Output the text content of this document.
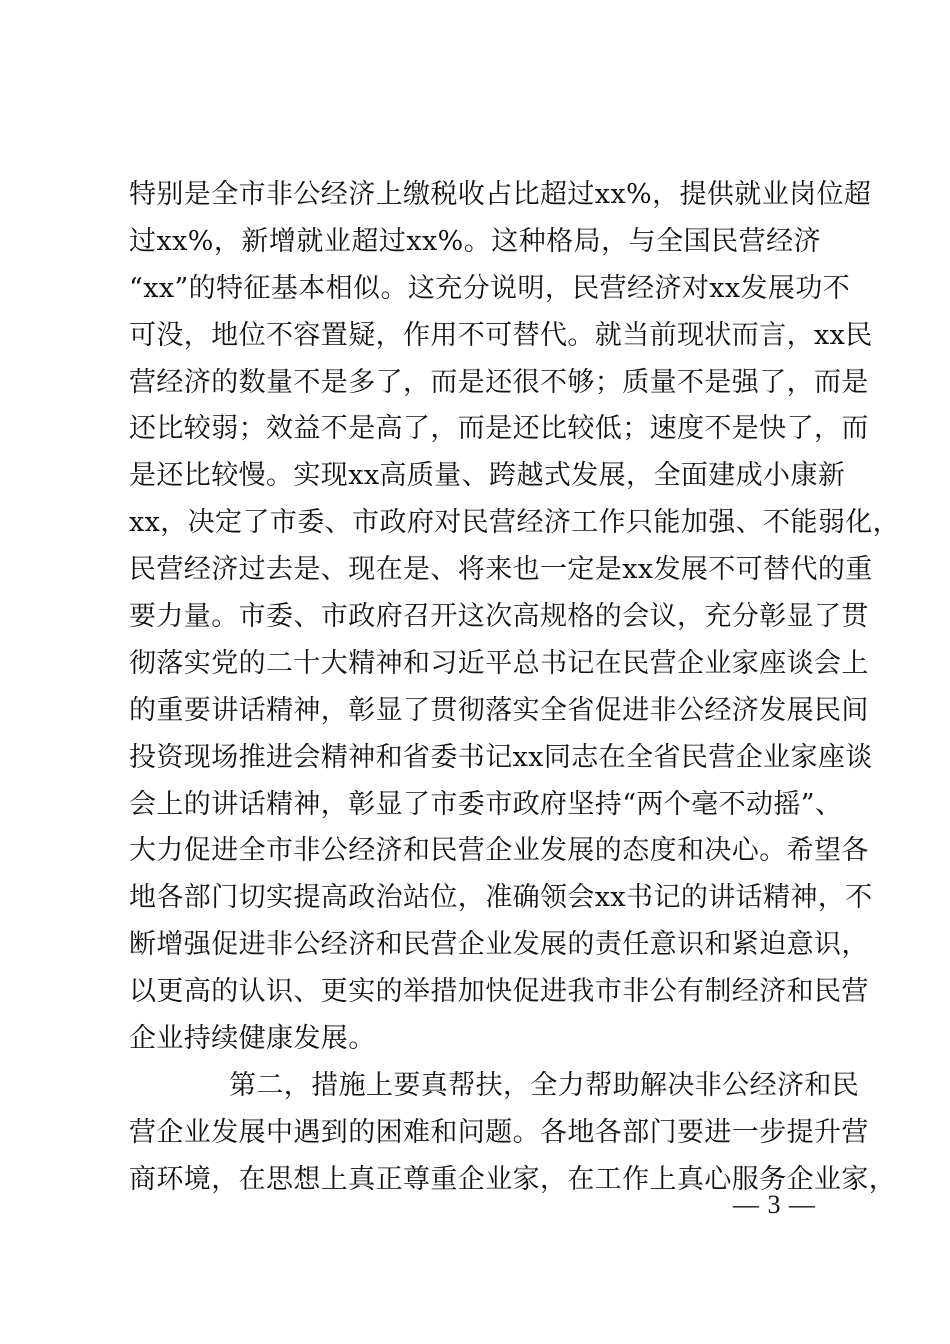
特别是全市非公经济上缴税收占比超过xx%，提供就业岗位超
过xx%，新增就业超过xx%。这种格局，与全国民营经济
“xx”的特征基本相似。这充分说明，民营经济对xx发展功不
可没，地位不容置疑，作用不可替代。就当前现状而言，xx民
营经济的数量不是多了，而是还很不够；质量不是强了，而是
还比较弱；效益不是高了，而是还比较低；速度不是快了，而
是还比较慢。实现xx高质量、跨越式发展，全面建成小康新
xx，决定了市委、市政府对民营经济工作只能加强、不能弱化，
民营经济过去是、现在是、将来也一定是xx发展不可替代的重
要力量。市委、市政府召开这次高规格的会议，充分彰显了贯
彻落实党的二十大精神和习近平总书记在民营企业家座谈会上
的重要讲话精神，彰显了贯彻落实全省促进非公经济发展民间
投资现场推进会精神和省委书记xx同志在全省民营企业家座谈
会上的讲话精神，彰显了市委市政府坚持“两个毫不动摇”、
大力促进全市非公经济和民营企业发展的态度和决心。希望各
地各部门切实提高政治站位，准确领会xx书记的讲话精神，不
断增强促进非公经济和民营企业发展的责任意识和紧迫意识，
以更高的认识、更实的举措加快促进我市非公有制经济和民营
企业持续健康发展。
第二，措施上要真帮扶，全力帮助解决非公经济和民
营企业发展中遇到的困难和问题。各地各部门要进一步提升营
商环境，在思想上真正尊重企业家，在工作上真心服务企业家，
— 3 —
